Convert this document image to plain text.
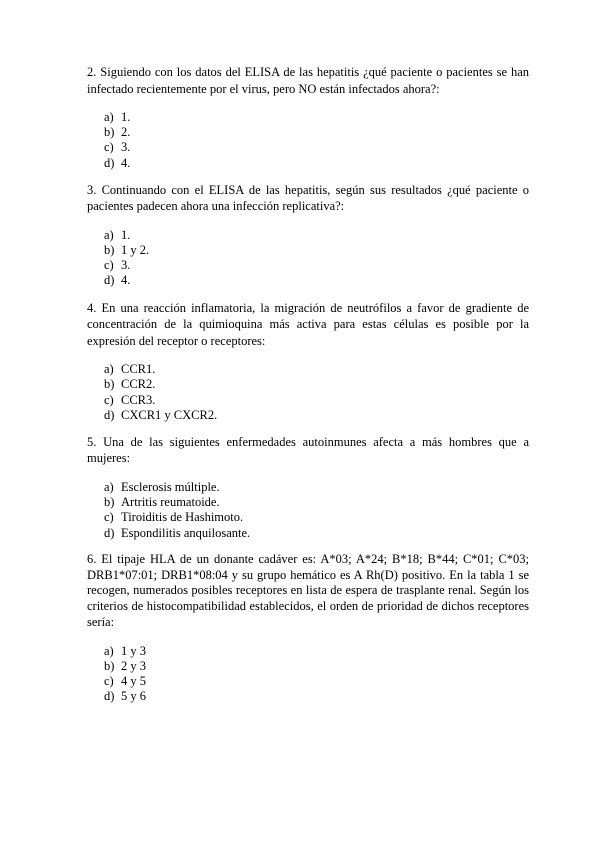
2. Siguiendo con los datos del ELISA de las hepatitis ¿qué paciente o pacientes se han infectado recientemente por el virus, pero NO están infectados ahora?:

a) 1.
b) 2.
c) 3.
d) 4.

3. Continuando con el ELISA de las hepatitis, según sus resultados ¿qué paciente o pacientes padecen ahora una infección replicativa?:

a) 1.
b) 1 y 2.
c) 3.
d) 4.

4. En una reacción inflamatoria, la migración de neutrófilos a favor de gradiente de concentración de la quimioquina más activa para estas células es posible por la expresión del receptor o receptores:

a) CCR1.
b) CCR2.
c) CCR3.
d) CXCR1 y CXCR2.

5. Una de las siguientes enfermedades autoinmunes afecta a más hombres que a mujeres:

a) Esclerosis múltiple.
b) Artritis reumatoide.
c) Tiroiditis de Hashimoto.
d) Espondilitis anquilosante.

6. El tipaje HLA de un donante cadáver es: A*03; A*24; B*18; B*44; C*01; C*03; DRB1*07:01; DRB1*08:04 y su grupo hemático es A Rh(D) positivo. En la tabla 1 se recogen, numerados posibles receptores en lista de espera de trasplante renal. Según los criterios de histocompatibilidad establecidos, el orden de prioridad de dichos receptores sería:

a) 1 y 3
b) 2 y 3
c) 4 y 5
d) 5 y 6
